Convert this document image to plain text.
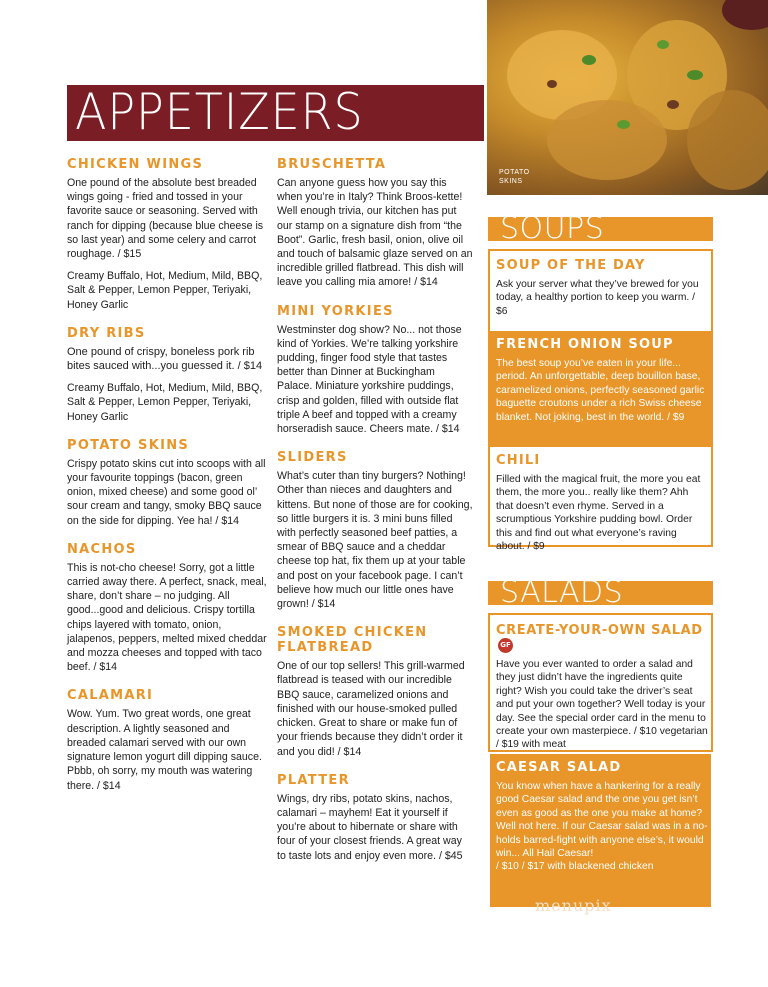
POTATO
SKINS
APPETIZERS
CHICKEN WINGS

One pound of the absolute best breaded wings going - fried and tossed in your favorite sauce or seasoning. Served with ranch for dipping (because blue cheese is so last year) and some celery and carrot roughage. / $15

Creamy Buffalo, Hot, Medium, Mild, BBQ, Salt & Pepper, Lemon Pepper, Teriyaki, Honey Garlic

DRY RIBS

One pound of crispy, boneless pork rib bites sauced with...you guessed it. / $14

Creamy Buffalo, Hot, Medium, Mild, BBQ, Salt & Pepper, Lemon Pepper, Teriyaki, Honey Garlic

POTATO SKINS

Crispy potato skins cut into scoops with all your favourite toppings (bacon, green onion, mixed cheese) and some good ol’ sour cream and tangy, smoky BBQ sauce on the side for dipping. Yee ha! / $14

NACHOS

This is not-cho cheese! Sorry, got a little carried away there. A perfect, snack, meal, share, don’t share – no judging. All good...good and delicious. Crispy tortilla chips layered with tomato, onion, jalapenos, peppers, melted mixed cheddar and mozza cheeses and topped with taco beef. / $14

CALAMARI

Wow. Yum. Two great words, one great description. A lightly seasoned and breaded calamari served with our own signature lemon yogurt dill dipping sauce. Pbbb, oh sorry, my mouth was watering there. / $14

BRUSCHETTA

Can anyone guess how you say this when you’re in Italy? Think Broos-kette! Well enough trivia, our kitchen has put our stamp on a signature dish from “the Boot”. Garlic, fresh basil, onion, olive oil and touch of balsamic glaze served on an incredible grilled flatbread. This dish will leave you calling mia amore! / $14

MINI YORKIES

Westminster dog show? No... not those kind of Yorkies. We’re talking yorkshire pudding, finger food style that tastes better than Dinner at Buckingham Palace. Miniature yorkshire puddings, crisp and golden, filled with outside flat triple A beef and topped with a creamy horseradish sauce. Cheers mate. / $14

SLIDERS

What’s cuter than tiny burgers? Nothing! Other than nieces and daughters and kittens. But none of those are for cooking, so little burgers it is. 3 mini buns filled with perfectly seasoned beef patties, a smear of BBQ sauce and a cheddar cheese top hat, fix them up at your table and post on your facebook page. I can’t believe how much our little ones have grown! / $14

SMOKED CHICKEN FLATBREAD

One of our top sellers! This grill-warmed flatbread is teased with our incredible BBQ sauce, caramelized onions and finished with our house-smoked pulled chicken. Great to share or make fun of your friends because they didn’t order it and you did! / $14

PLATTER

Wings, dry ribs, potato skins, nachos, calamari – mayhem! Eat it yourself if you’re about to hibernate or share with four of your closest friends. A great way to taste lots and enjoy even more. / $45

SOUPS
SOUP OF THE DAY

Ask your server what they’ve brewed for you today, a healthy portion to keep you warm. / $6

FRENCH ONION SOUP

The best soup you’ve eaten in your life... period. An unforgettable, deep bouillon base, caramelized onions, perfectly seasoned garlic baguette croutons under a rich Swiss cheese blanket. Not joking, best in the world. / $9

CHILI

Filled with the magical fruit, the more you eat them, the more you.. really like them? Ahh that doesn’t even rhyme. Served in a scrumptious Yorkshire pudding bowl. Order this and find out what everyone’s raving about. / $9

SALADS
CREATE-YOUR-OWN SALADGF

Have you ever wanted to order a salad and they just didn’t have the ingredients quite right? Wish you could take the driver’s seat and put your own together? Well today is your day. See the special order card in the menu to create your own masterpiece. / $10 vegetarian / $19 with meat

CAESAR SALAD

You know when have a hankering for a really good Caesar salad and the one you get isn’t even as good as the one you make at home? Well not here. If our Caesar salad was in a no-holds barred-fight with anyone else’s, it would win... All Hail Caesar!

/ $10 / $17 with blackened chicken

menupix
